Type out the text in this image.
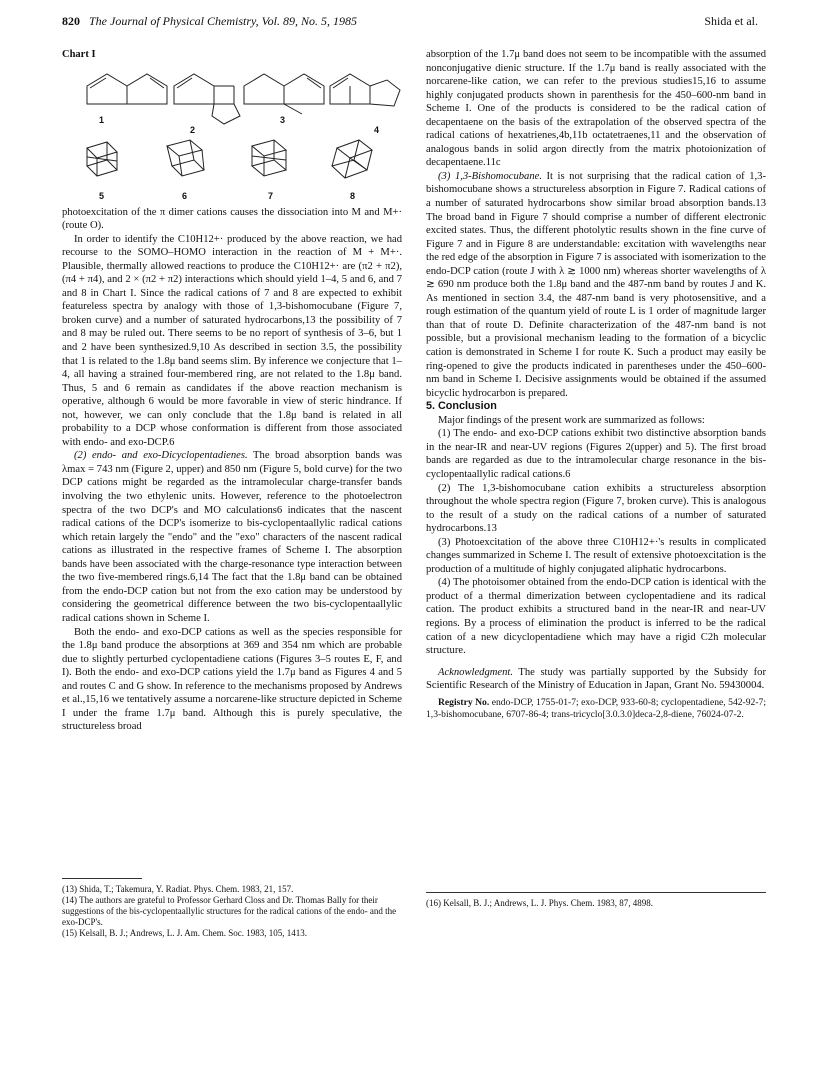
820 The Journal of Physical Chemistry, Vol. 89, No. 5, 1985	Shida et al.
Chart I
1
2
3
4
5	6	7	8

photoexcitation of the π dimer cations causes the dissociation into M and M+· (route O).

In order to identify the C10H12+· produced by the above reaction, we had recourse to the SOMO–HOMO interaction in the reaction of M + M+·. Plausible, thermally allowed reactions to produce the C10H12+· are (π2 + π2), (π4 + π4), and 2 × (π2 + π2) interactions which should yield 1–4, 5 and 6, and 7 and 8 in Chart I. Since the radical cations of 7 and 8 are expected to exhibit featureless spectra by analogy with those of 1,3-bishomocubane (Figure 7, broken curve) and a number of saturated hydrocarbons,13 the possibility of 7 and 8 may be ruled out. There seems to be no report of synthesis of 3–6, but 1 and 2 have been synthesized.9,10 As described in section 3.5, the possibility that 1 is related to the 1.8μ band seems slim. By inference we conjecture that 1–4, all having a strained four-membered ring, are not related to the 1.8μ band. Thus, 5 and 6 remain as candidates if the above reaction mechanism is operative, although 6 would be more favorable in view of steric hindrance. If not, however, we can only conclude that the 1.8μ band is related in all probability to a DCP whose conformation is different from those associated with endo- and exo-DCP.6

(2) endo- and exo-Dicyclopentadienes. The broad absorption bands was λmax = 743 nm (Figure 2, upper) and 850 nm (Figure 5, bold curve) for the two DCP cations might be regarded as the intramolecular charge-transfer bands involving the two ethylenic units. However, reference to the photoelectron spectra of the two DCP's and MO calculations6 indicates that the nascent radical cations of the DCP's isomerize to bis-cyclopentaallylic radical cations which retain largely the "endo" and the "exo" characters of the nascent radical cations as illustrated in the respective frames of Scheme I. The absorption bands have been associated with the charge-resonance type interaction between the two five-membered rings.6,14 The fact that the 1.8μ band can be obtained from the endo-DCP cation but not from the exo cation may be understood by considering the geometrical difference between the two bis-cyclopentaallylic radical cations shown in Scheme I.

Both the endo- and exo-DCP cations as well as the species responsible for the 1.8μ band produce the absorptions at 369 and 354 nm which are probable due to slightly perturbed cyclopentadiene cations (Figures 3–5 routes E, F, and I). Both the endo- and exo-DCP cations yield the 1.7μ band as Figures 4 and 5 and routes C and G show. In reference to the mechanisms proposed by Andrews et al.,15,16 we tentatively assume a norcarene-like structure depicted in Scheme I under the frame 1.7μ band. Although this is purely speculative, the structureless broad

(13) Shida, T.; Takemura, Y. Radiat. Phys. Chem. 1983, 21, 157.
(14) The authors are grateful to Professor Gerhard Closs and Dr. Thomas Bally for their suggestions of the bis-cyclopentaallylic structures for the radical cations of the endo- and the exo-DCP's.
(15) Kelsall, B. J.; Andrews, L. J. Am. Chem. Soc. 1983, 105, 1413.

absorption of the 1.7μ band does not seem to be incompatible with the assumed nonconjugative dienic structure. If the 1.7μ band is really associated with the norcarene-like cation, we can refer to the previous studies15,16 to assume highly conjugated products shown in parenthesis for the 450–600-nm band in Scheme I. One of the products is considered to be the radical cation of decapentaene on the basis of the extrapolation of the observed spectra of the radical cations of hexatrienes,4b,11b octatetraenes,11 and the observation of analogous bands in solid argon directly from the matrix photoionization of decapentaene.11c

(3) 1,3-Bishomocubane. It is not surprising that the radical cation of 1,3-bishomocubane shows a structureless absorption in Figure 7. Radical cations of a number of saturated hydrocarbons show similar broad absorption bands.13 The broad band in Figure 7 should comprise a number of different electronic excited states. Thus, the different photolytic results shown in the fine curve of Figure 7 and in Figure 8 are understandable: excitation with wavelengths near the red edge of the absorption in Figure 7 is associated with isomerization to the endo-DCP cation (route J with λ ≳ 1000 nm) whereas shorter wavelengths of λ ≳ 690 nm produce both the 1.8μ band and the 487-nm band by routes J and K. As mentioned in section 3.4, the 487-nm band is very photosensitive, and a rough estimation of the quantum yield of route L is 1 order of magnitude larger than that of route D. Definite characterization of the 487-nm band is not possible, but a provisional mechanism leading to the formation of a bicyclic cation is demonstrated in Scheme I for route K. Such a product may easily be ring-opened to give the products indicated in parentheses under the 450–600-nm band in Scheme I. Decisive assignments would be obtained if the assumed bicyclic hydrocarbon is prepared.

5. Conclusion

Major findings of the present work are summarized as follows:

(1) The endo- and exo-DCP cations exhibit two distinctive absorption bands in the near-IR and near-UV regions (Figures 2(upper) and 5). The first broad bands are regarded as due to the intramolecular charge resonance in the bis-cyclopentaallylic radical cations.6

(2) The 1,3-bishomocubane cation exhibits a structureless absorption throughout the whole spectra region (Figure 7, broken curve). This is analogous to the result of a study on the radical cations of a number of saturated hydrocarbons.13

(3) Photoexcitation of the above three C10H12+·'s results in complicated changes summarized in Scheme I. The result of extensive photoexcitation is the production of a multitude of highly conjugated aliphatic hydrocarbons.

(4) The photoisomer obtained from the endo-DCP cation is identical with the product of a thermal dimerization between cyclopentadiene and its radical cation. The product exhibits a structured band in the near-IR and near-UV regions. By a process of elimination the product is inferred to be the radical cation of a new dicyclopentadiene which may have a rigid C2h molecular structure.

Acknowledgment. The study was partially supported by the Subsidy for Scientific Research of the Ministry of Education in Japan, Grant No. 59430004.

Registry No. endo-DCP, 1755-01-7; exo-DCP, 933-60-8; cyclopentadiene, 542-92-7; 1,3-bishomocubane, 6707-86-4; trans-tricyclo[3.0.3.0]deca-2,8-diene, 76024-07-2.

(16) Kelsall, B. J.; Andrews, L. J. Phys. Chem. 1983, 87, 4898.
